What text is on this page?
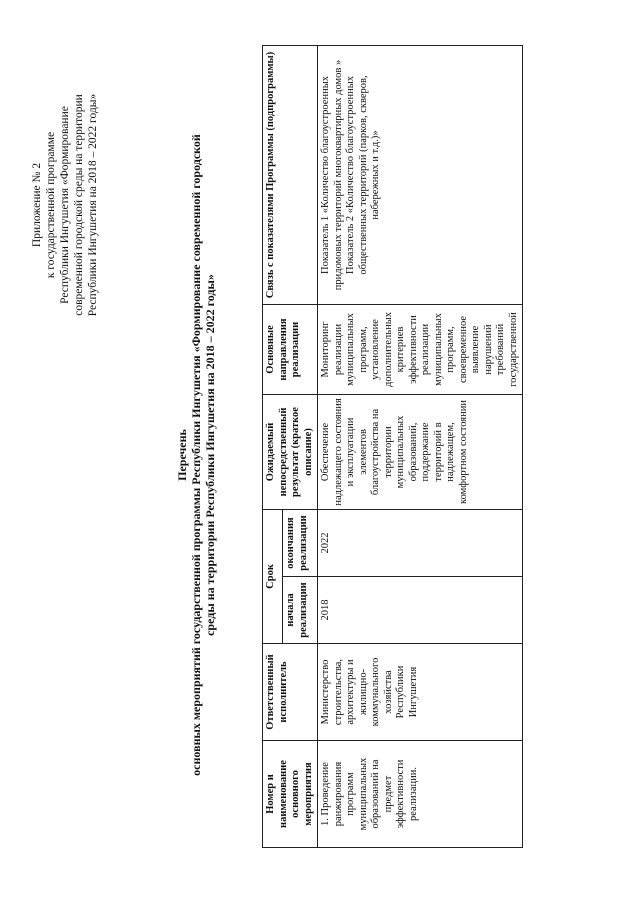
Приложение № 2 к государственной программе Республики Ингушетия «Формирование современной городской среды на территории Республики Ингушетия на 2018 – 2022 годы»
Перечень основных мероприятий государственной программы Республики Ингушетия «Формирование современной городской среды на территории Республики Ингушетия на 2018 – 2022 годы»
Номер и наименование основного мероприятия	Ответственный исполнитель	Срок		Ожидаемый непосредственный результат (краткое описание)	Основные направления реализации	Связь с показателями Программы (подпрограммы)
		начала реализации	окончания реализации			
1. Проведение ранжирования программ муниципальных образований на предмет эффективности реализации.	Министерство строительства, архитектуры и жилищно-коммунального хозяйства Республики Ингушетия	2018	2022	Обеспечение надлежащего состояния и эксплуатации элементов благоустройства на территории муниципальных образований, поддержание территорий в надлежащем, комфортном состоянии	Мониторинг реализации муниципальных программ, установление дополнительных критериев эффективности реализации муниципальных программ, своевременное выявление нарушений требований государственной	Показатель 1 «Количество благоустроенных придомовых территорий многоквартирных домов » Показатель 2 «Количество благоустроенных общественных территорий (парков, скверов, набережных и т.д.)»
